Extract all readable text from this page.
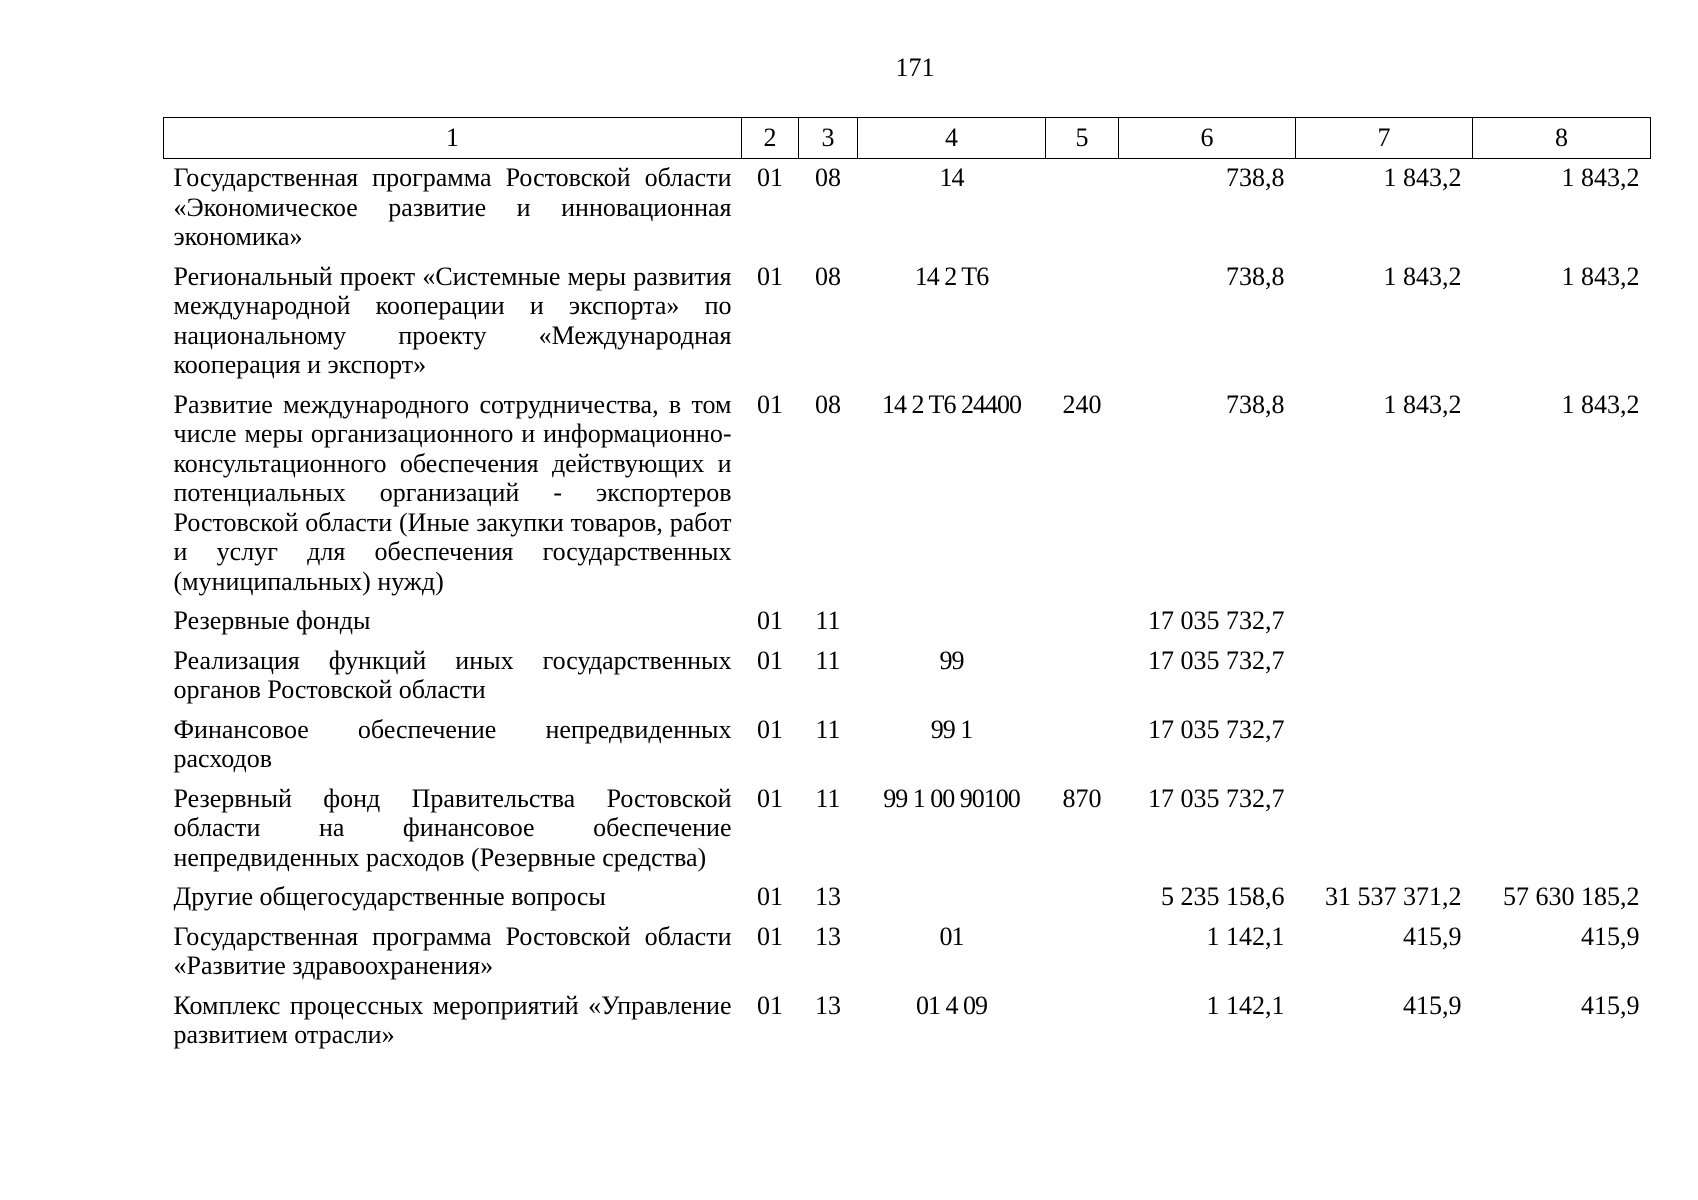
171
1	2	3	4	5	6	7	8
Государственная программа Ростовской области «Экономическое развитие и инновационная экономика»	01	08	14		738,8	1 843,2	1 843,2
Региональный проект «Системные меры развития международной кооперации и экспорта» по национальному проекту «Международная кооперация и экспорт»	01	08	14 2 T6		738,8	1 843,2	1 843,2
Развитие международного сотрудничества, в том числе меры организационного и информационно-консультационного обеспечения действующих и потенциальных организаций - экспортеров Ростовской области (Иные закупки товаров, работ и услуг для обеспечения государственных (муниципальных) нужд)	01	08	14 2 T6 24400	240	738,8	1 843,2	1 843,2
Резервные фонды	01	11			17 035 732,7		
Реализация функций иных государственных органов Ростовской области	01	11	99		17 035 732,7		
Финансовое обеспечение непредвиденных расходов	01	11	99 1		17 035 732,7		
Резервный фонд Правительства Ростовской области на финансовое обеспечение непредвиденных расходов (Резервные средства)	01	11	99 1 00 90100	870	17 035 732,7		
Другие общегосударственные вопросы	01	13			5 235 158,6	31 537 371,2	57 630 185,2
Государственная программа Ростовской области «Развитие здравоохранения»	01	13	01		1 142,1	415,9	415,9
Комплекс процессных мероприятий «Управление развитием отрасли»	01	13	01 4 09		1 142,1	415,9	415,9
